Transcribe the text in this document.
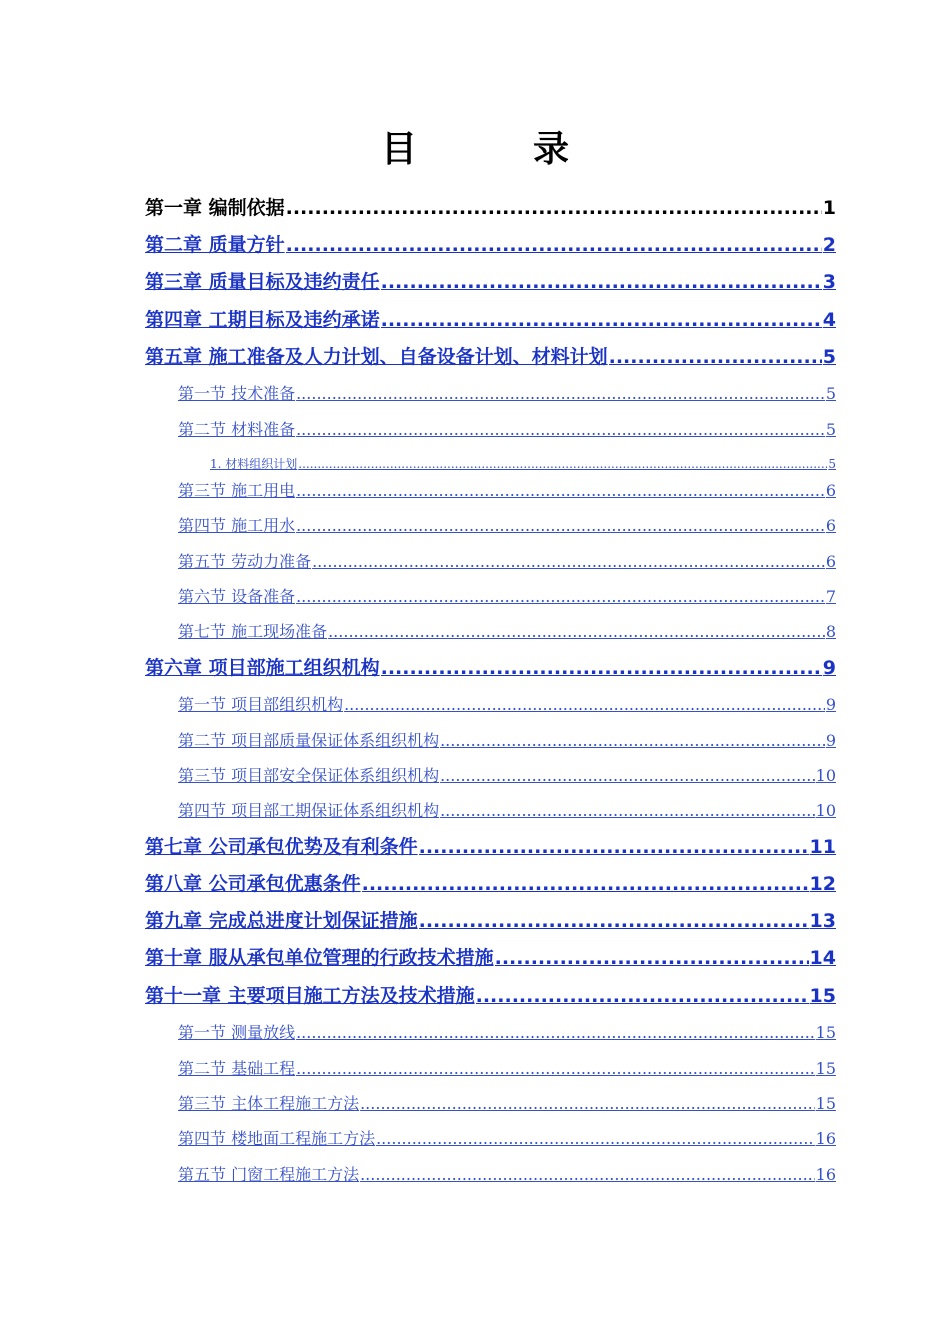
目　录
第一章 编制依据 .....	1
第二章 质量方针 .....	2
第三章 质量目标及违约责任 .....	3
第四章 工期目标及违约承诺 .....	4
第五章 施工准备及人力计划、自备设备计划、材料计划 .....	5
第一节 技术准备 .....	5
第二节 材料准备 .....	5
1. 材料组织计划 .....	5
第三节 施工用电 .....	6
第四节 施工用水 .....	6
第五节 劳动力准备 .....	6
第六节 设备准备 .....	7
第七节 施工现场准备 .....	8
第六章 项目部施工组织机构 .....	9
第一节 项目部组织机构 .....	9
第二节 项目部质量保证体系组织机构 .....	9
第三节 项目部安全保证体系组织机构 .....	10
第四节 项目部工期保证体系组织机构 .....	10
第七章 公司承包优势及有利条件 .....	11
第八章 公司承包优惠条件 .....	12
第九章 完成总进度计划保证措施 .....	13
第十章 服从承包单位管理的行政技术措施 .....	14
第十一章 主要项目施工方法及技术措施 .....	15
第一节 测量放线 .....	15
第二节 基础工程 .....	15
第三节 主体工程施工方法 .....	15
第四节 楼地面工程施工方法 .....	16
第五节 门窗工程施工方法 .....	16
